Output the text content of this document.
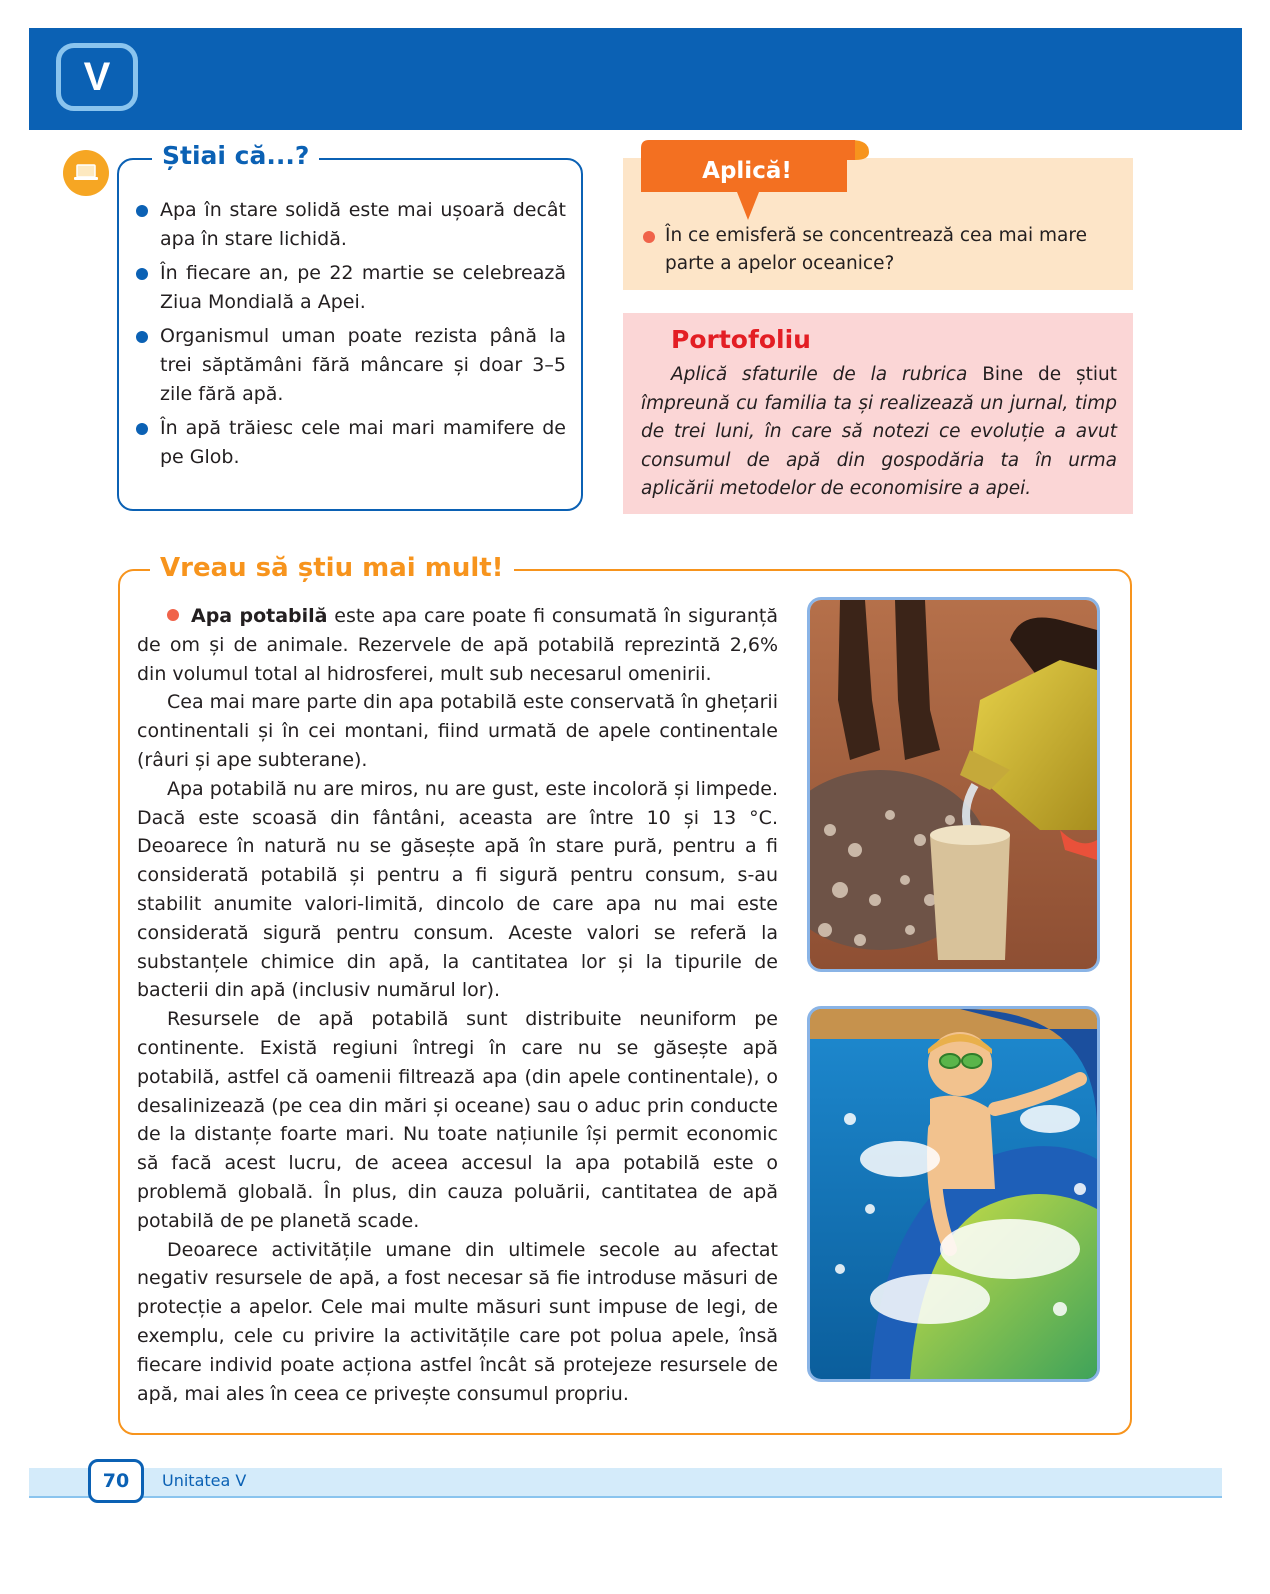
V
Știai că...?
Apa în stare solidă este mai ușoară decât apa în stare lichidă.
În fiecare an, pe 22 martie se celebrează Ziua Mondială a Apei.
Organismul uman poate rezista până la trei săptămâni fără mâncare și doar 3–5 zile fără apă.
În apă trăiesc cele mai mari mamifere de pe Glob.
Aplică!
În ce emisferă se concentrează cea mai mare parte a apelor oceanice?
Portofoliu
Aplică sfaturile de la rubrica Bine de știut împreună cu familia ta și realizează un jurnal, timp de trei luni, în care să notezi ce evoluție a avut consumul de apă din gospodăria ta în urma aplicării metodelor de economisire a apei.
Vreau să știu mai mult!

Apa potabilă este apa care poate fi consumată în siguranță de om și de animale. Rezervele de apă potabilă reprezintă 2,6% din volumul total al hidrosferei, mult sub necesarul omenirii.

Cea mai mare parte din apa potabilă este conservată în ghețarii continentali și în cei montani, fiind urmată de apele continentale (râuri și ape subterane).

Apa potabilă nu are miros, nu are gust, este incoloră și limpede. Dacă este scoasă din fântâni, aceasta are între 10 și 13 °C. Deoarece în natură nu se găsește apă în stare pură, pentru a fi considerată potabilă și pentru a fi sigură pentru consum, s-au stabilit anumite valori-limită, dincolo de care apa nu mai este considerată sigură pentru consum. Aceste valori se referă la substanțele chimice din apă, la cantitatea lor și la tipurile de bacterii din apă (inclusiv numărul lor).

Resursele de apă potabilă sunt distribuite neuniform pe continente. Există regiuni întregi în care nu se găsește apă potabilă, astfel că oamenii filtrează apa (din apele continentale), o desalinizează (pe cea din mări și oceane) sau o aduc prin conducte de la distanțe foarte mari. Nu toate națiunile își permit economic să facă acest lucru, de aceea accesul la apa potabilă este o problemă globală. În plus, din cauza poluării, cantitatea de apă potabilă de pe planetă scade.

Deoarece activitățile umane din ultimele secole au afectat negativ resursele de apă, a fost necesar să fie introduse măsuri de protecție a apelor. Cele mai multe măsuri sunt impuse de legi, de exemplu, cele cu privire la activitățile care pot polua apele, însă fiecare individ poate acționa astfel încât să protejeze resursele de apă, mai ales în ceea ce privește consumul propriu.

70	Unitatea V
